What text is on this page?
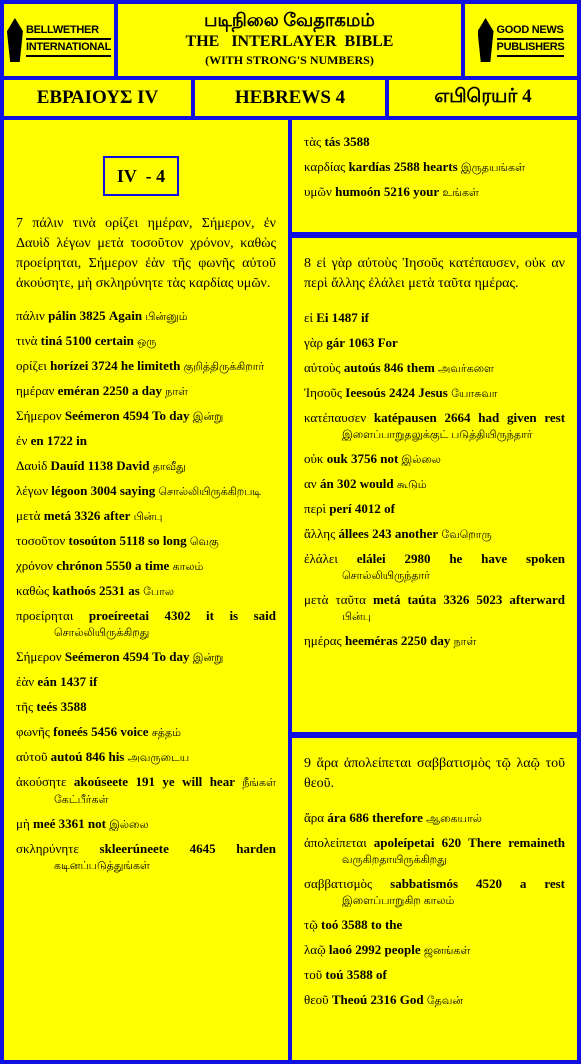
BELLWETHER
INTERNATIONAL
படிநிலை வேதாகமம்
THE   INTERLAYER  BIBLE
(WITH STRONG'S NUMBERS)
GOOD NEWS
PUBLISHERS
ΕΒΡΑΙΟΥΣ IV	HEBREWS 4	எபிரெயர் 4
IV  - 4

7 πάλιν τινὰ ορίζει ημέραν, Σήμερον, ἐν Δαυὶδ λέγων μετὰ τοσοῦτον χρόνον, καθὼς προείρηται, Σήμερον ἐὰν τῆς φωνῆς αὐτοῦ ἀκούσητε, μὴ σκληρύνητε τὰς καρδίας υμῶν.

πάλιν pálin 3825 Again பின்னும்
τινὰ tiná 5100 certain ஒரு
ορίζει horízei 3724 he limiteth குறித்திருக்கிறார்
ημέραν eméran 2250 a day நாள்
Σήμερον Seémeron 4594 To day இன்று
ἐν en 1722 in
Δαυὶδ Dauíd 1138 David தாவீது
λέγων légoon 3004 saying சொல்லியிருக்கிறபடி
μετὰ metá 3326 after பின்பு
τοσοῦτον tosoúton 5118 so long வெகு
χρόνον chrónon 5550 a time காலம்
καθὼς kathoós 2531 as போல
προείρηται proeíreetai 4302 it is said சொல்லியிருக்கிறது
Σήμερον Seémeron 4594 To day இன்று
ἐὰν eán 1437 if
τῆς teés 3588
φωνῆς foneés 5456 voice சத்தம்
αὐτοῦ autoú 846 his அவருடைய
ἀκούσητε akoúseete 191 ye will hear நீங்கள் கேட்பீர்கள்
μὴ meé 3361 not இல்லை
σκληρύνητε skleerúneete 4645 harden கடினப்படுத்துங்கள்
τὰς tás 3588
καρδίας kardías 2588 hearts இருதயங்கள்
υμῶν humoón 5216 your உங்கள்

8 εἰ γὰρ αὐτοὺς Ἰησοῦς κατέπαυσεν, οὐκ αν περὶ ἄλλης ἐλάλει μετὰ ταῦτα ημέρας.

εἰ Ei 1487 if
γὰρ gár 1063 For
αὐτοὺς autoús 846 them அவர்களை
Ἰησοῦς Ieesoús 2424 Jesus யோசுவா
κατέπαυσεν katépausen 2664 had given rest இளைப்பாறுதலுக்குட் படுத்தியிருந்தார்
οὐκ ouk 3756 not இல்லை
αν án 302 would கூடும்
περὶ perí 4012 of
ἄλλης állees 243 another வேறொரு
ἐλάλει elálei 2980 he have spoken சொல்லியிருந்தார்
μετὰ ταῦτα metá taúta 3326 5023 afterward பின்பு
ημέρας heeméras 2250 day நாள்

9 ἄρα ἀπολείπεται σαββατισμὸς τῷ λαῷ τοῦ θεοῦ.

ἄρα ára 686 therefore ஆகையால்
ἀπολείπεται apoleípetai 620 There remaineth வருகிறதாயிருக்கிறது
σαββατισμὸς sabbatismós 4520 a rest இளைப்பாறுகிற காலம்
τῷ toó 3588 to the
λαῷ laoó 2992 people ஜனங்கள்
τοῦ toú 3588 of
θεοῦ Theoú 2316 God தேவன்
